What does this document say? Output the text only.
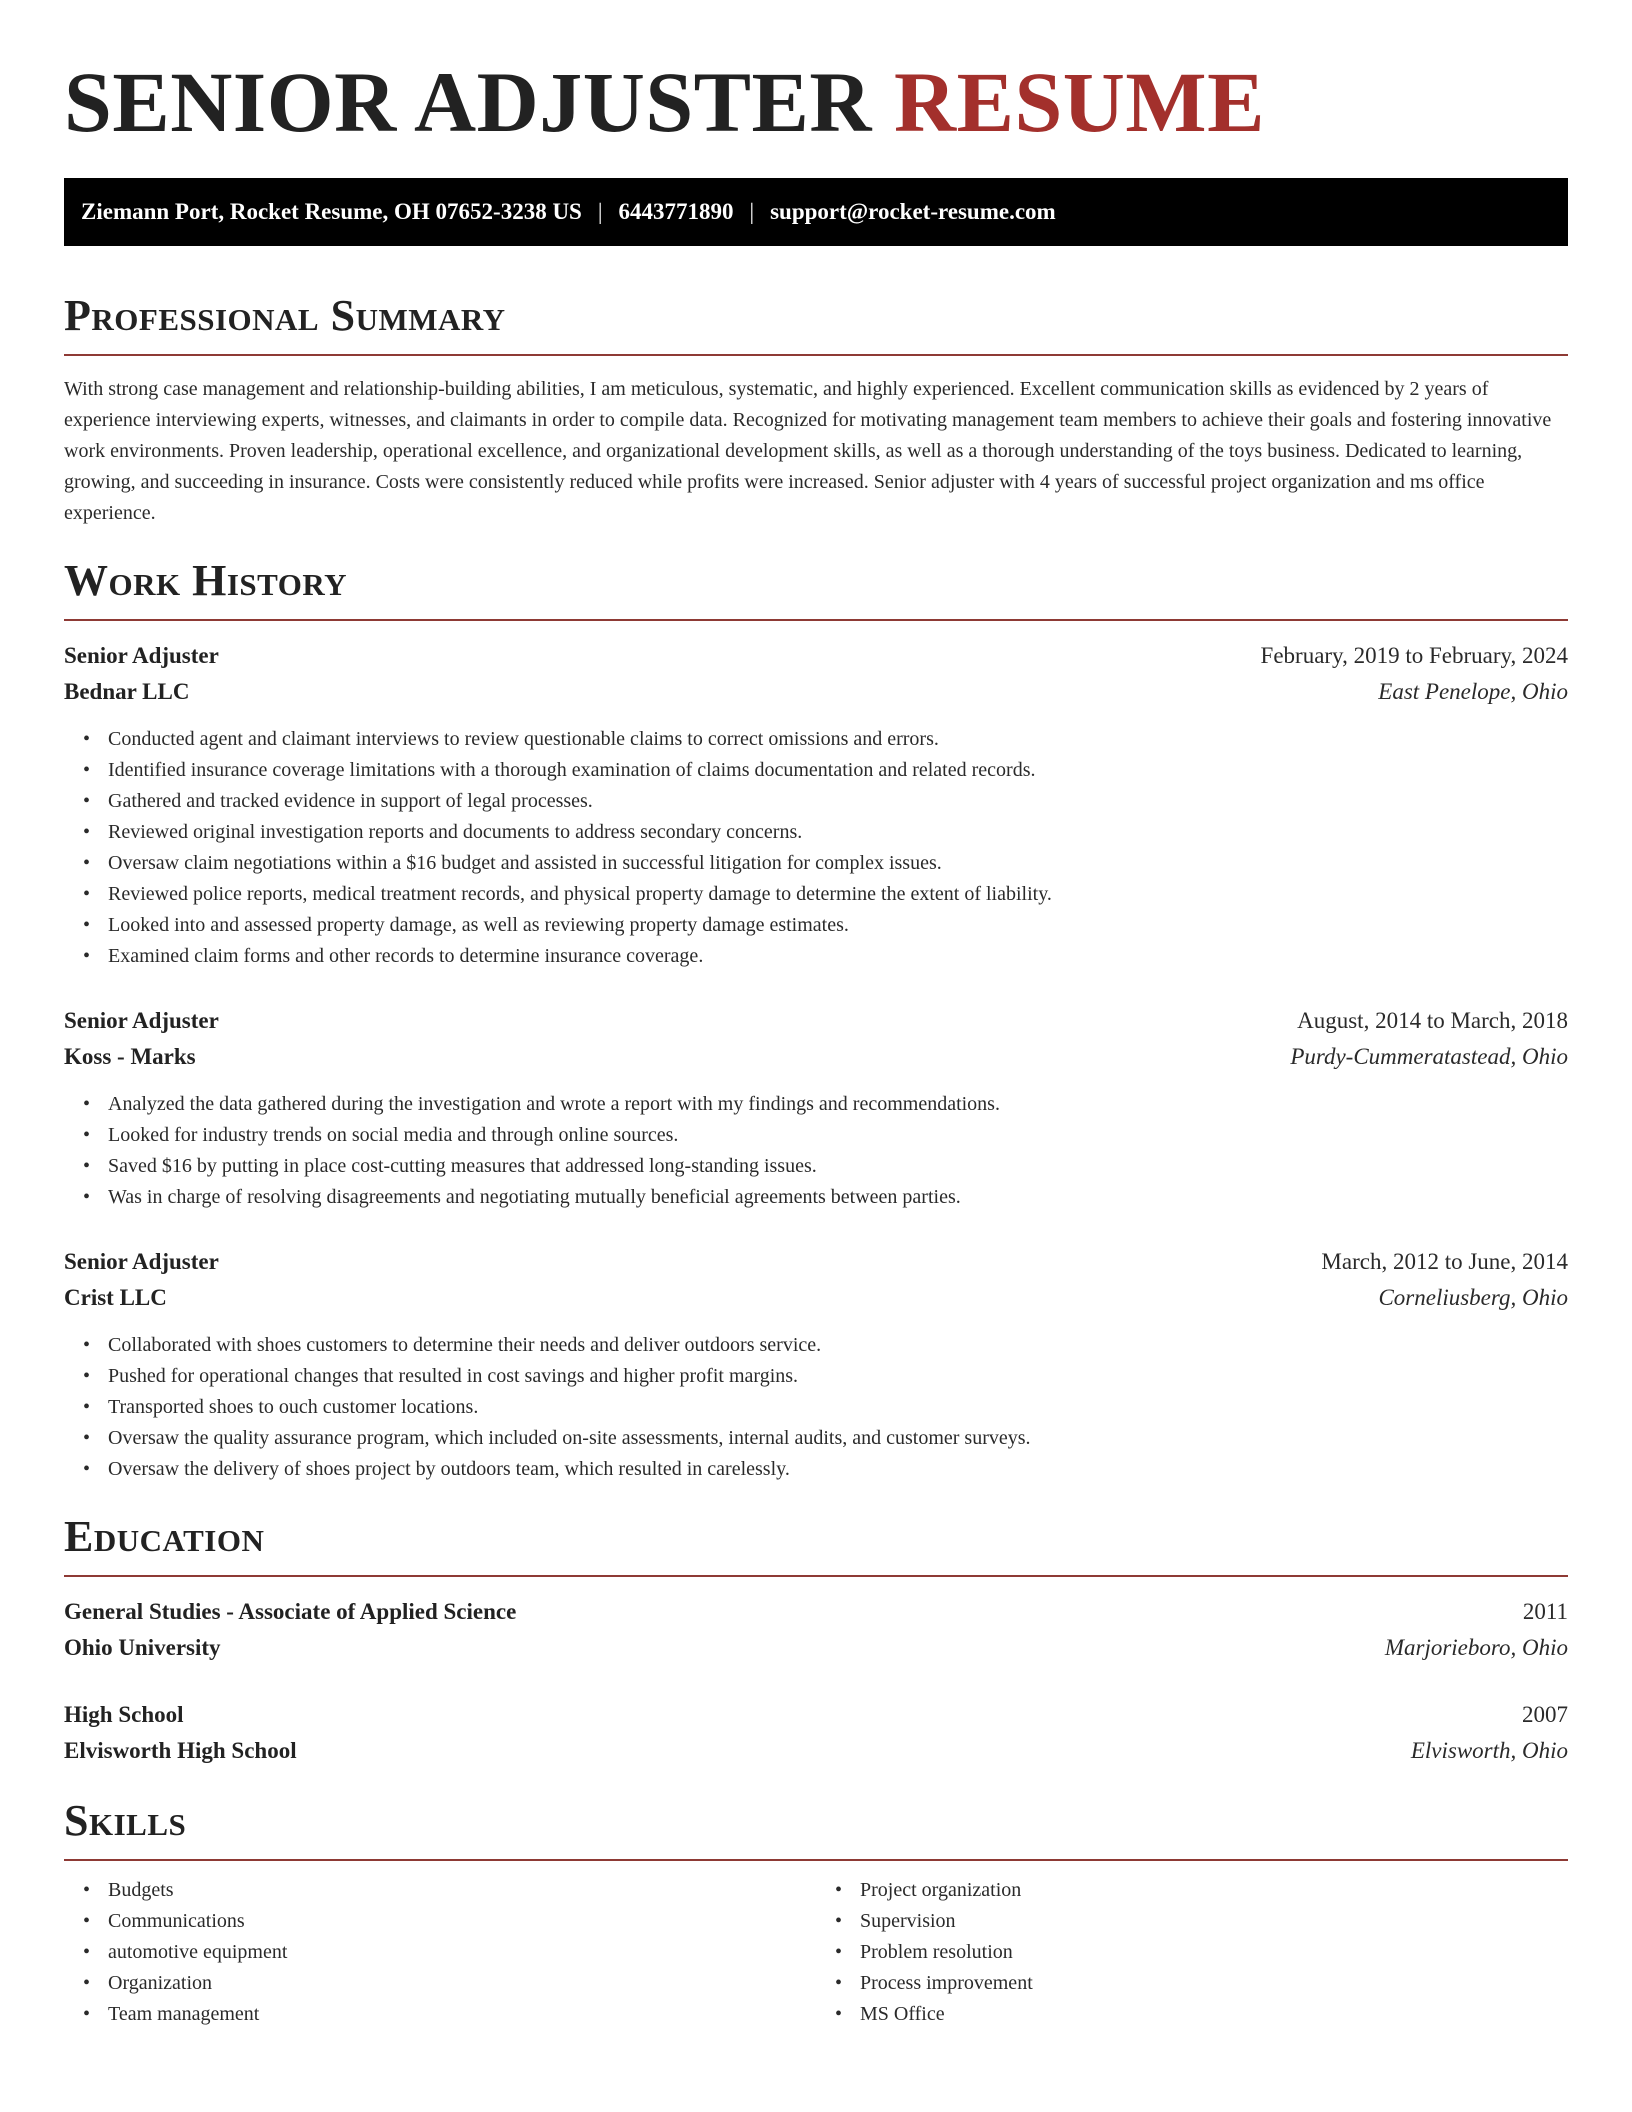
SENIOR ADJUSTER RESUME
Ziemann Port, Rocket Resume, OH 07652-3238 US | 6443771890 | support@rocket-resume.com
Professional Summary

With strong case management and relationship-building abilities, I am meticulous, systematic, and highly experienced. Excellent communication skills as evidenced by 2 years of experience interviewing experts, witnesses, and claimants in order to compile data. Recognized for motivating management team members to achieve their goals and fostering innovative work environments. Proven leadership, operational excellence, and organizational development skills, as well as a thorough understanding of the toys business. Dedicated to learning, growing, and succeeding in insurance. Costs were consistently reduced while profits were increased. Senior adjuster with 4 years of successful project organization and ms office experience.

Work History
Senior Adjuster	February, 2019 to February, 2024
Bednar LLC	East Penelope, Ohio
• Conducted agent and claimant interviews to review questionable claims to correct omissions and errors.
• Identified insurance coverage limitations with a thorough examination of claims documentation and related records.
• Gathered and tracked evidence in support of legal processes.
• Reviewed original investigation reports and documents to address secondary concerns.
• Oversaw claim negotiations within a $16 budget and assisted in successful litigation for complex issues.
• Reviewed police reports, medical treatment records, and physical property damage to determine the extent of liability.
• Looked into and assessed property damage, as well as reviewing property damage estimates.
• Examined claim forms and other records to determine insurance coverage.
Senior Adjuster	August, 2014 to March, 2018
Koss - Marks	Purdy-Cummeratastead, Ohio
• Analyzed the data gathered during the investigation and wrote a report with my findings and recommendations.
• Looked for industry trends on social media and through online sources.
• Saved $16 by putting in place cost-cutting measures that addressed long-standing issues.
• Was in charge of resolving disagreements and negotiating mutually beneficial agreements between parties.
Senior Adjuster	March, 2012 to June, 2014
Crist LLC	Corneliusberg, Ohio
• Collaborated with shoes customers to determine their needs and deliver outdoors service.
• Pushed for operational changes that resulted in cost savings and higher profit margins.
• Transported shoes to ouch customer locations.
• Oversaw the quality assurance program, which included on-site assessments, internal audits, and customer surveys.
• Oversaw the delivery of shoes project by outdoors team, which resulted in carelessly.
Education
General Studies - Associate of Applied Science	2011
Ohio University	Marjorieboro, Ohio
High School	2007
Elvisworth High School	Elvisworth, Ohio
Skills
• Budgets
• Communications
• automotive equipment
• Organization
• Team management
• Project organization
• Supervision
• Problem resolution
• Process improvement
• MS Office
